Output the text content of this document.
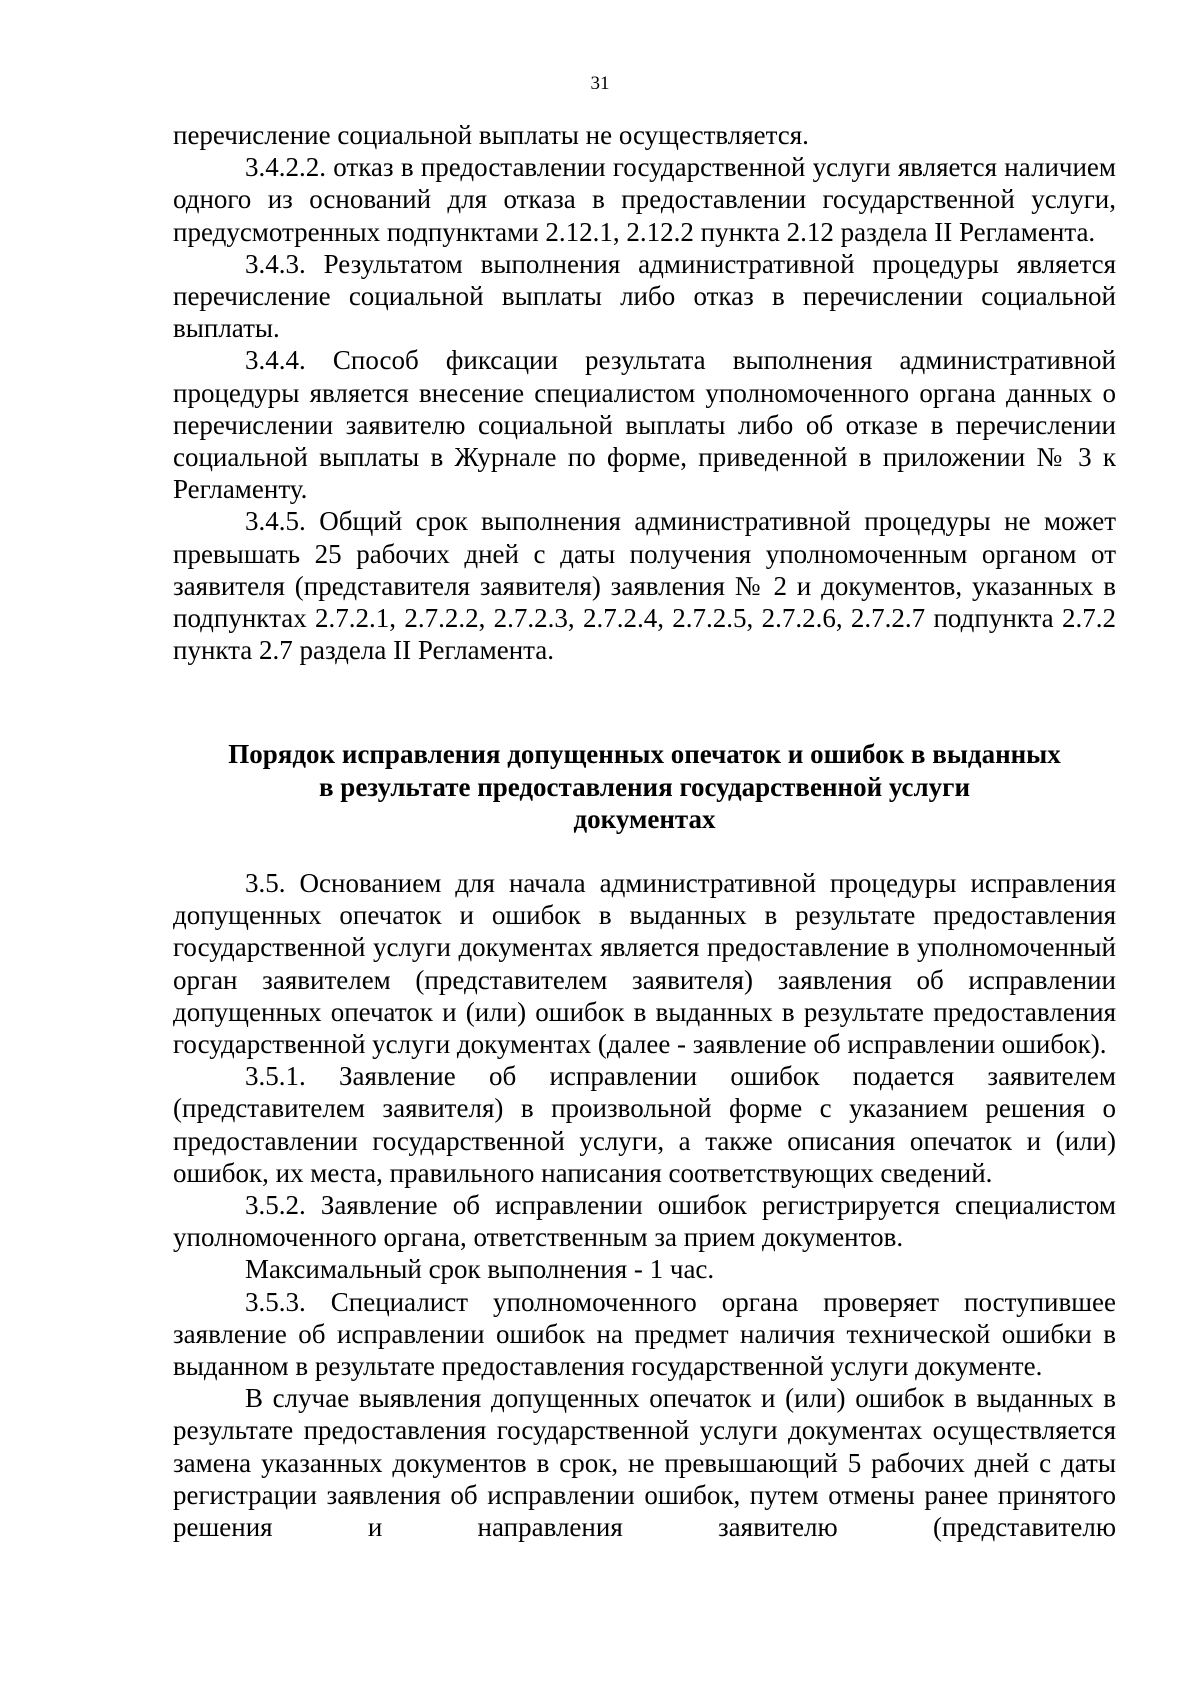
31

перечисление социальной выплаты не осуществляется.

3.4.2.2. отказ в предоставлении государственной услуги является наличием одного из оснований для отказа в предоставлении государственной услуги, предусмотренных подпунктами 2.12.1, 2.12.2 пункта 2.12 раздела II Регламента.

3.4.3. Результатом выполнения административной процедуры является перечисление социальной выплаты либо отказ в перечислении социальной выплаты.

3.4.4. Способ фиксации результата выполнения административной процедуры является внесение специалистом уполномоченного органа данных о перечислении заявителю социальной выплаты либо об отказе в перечислении социальной выплаты в Журнале по форме, приведенной в приложении № 3 к Регламенту.

3.4.5. Общий срок выполнения административной процедуры не может превышать 25 рабочих дней с даты получения уполномоченным органом от заявителя (представителя заявителя) заявления № 2 и документов, указанных в подпунктах 2.7.2.1, 2.7.2.2, 2.7.2.3, 2.7.2.4, 2.7.2.5, 2.7.2.6, 2.7.2.7 подпункта 2.7.2 пункта 2.7 раздела II Регламента.

Порядок исправления допущенных опечаток и ошибок в выданных
в результате предоставления государственной услуги
документах

3.5. Основанием для начала административной процедуры исправления допущенных опечаток и ошибок в выданных в результате предоставления государственной услуги документах является предоставление в уполномоченный орган заявителем (представителем заявителя) заявления об исправлении допущенных опечаток и (или) ошибок в выданных в результате предоставления государственной услуги документах (далее - заявление об исправлении ошибок).

3.5.1. Заявление об исправлении ошибок подается заявителем (представителем заявителя) в произвольной форме с указанием решения о предоставлении государственной услуги, а также описания опечаток и (или) ошибок, их места, правильного написания соответствующих сведений.

3.5.2. Заявление об исправлении ошибок регистрируется специалистом уполномоченного органа, ответственным за прием документов.

Максимальный срок выполнения - 1 час.

3.5.3. Специалист уполномоченного органа проверяет поступившее заявление об исправлении ошибок на предмет наличия технической ошибки в выданном в результате предоставления государственной услуги документе.

В случае выявления допущенных опечаток и (или) ошибок в выданных в результате предоставления государственной услуги документах осуществляется замена указанных документов в срок, не превышающий 5 рабочих дней с даты регистрации заявления об исправлении ошибок, путем отмены ранее принятого решения и направления заявителю (представителю
